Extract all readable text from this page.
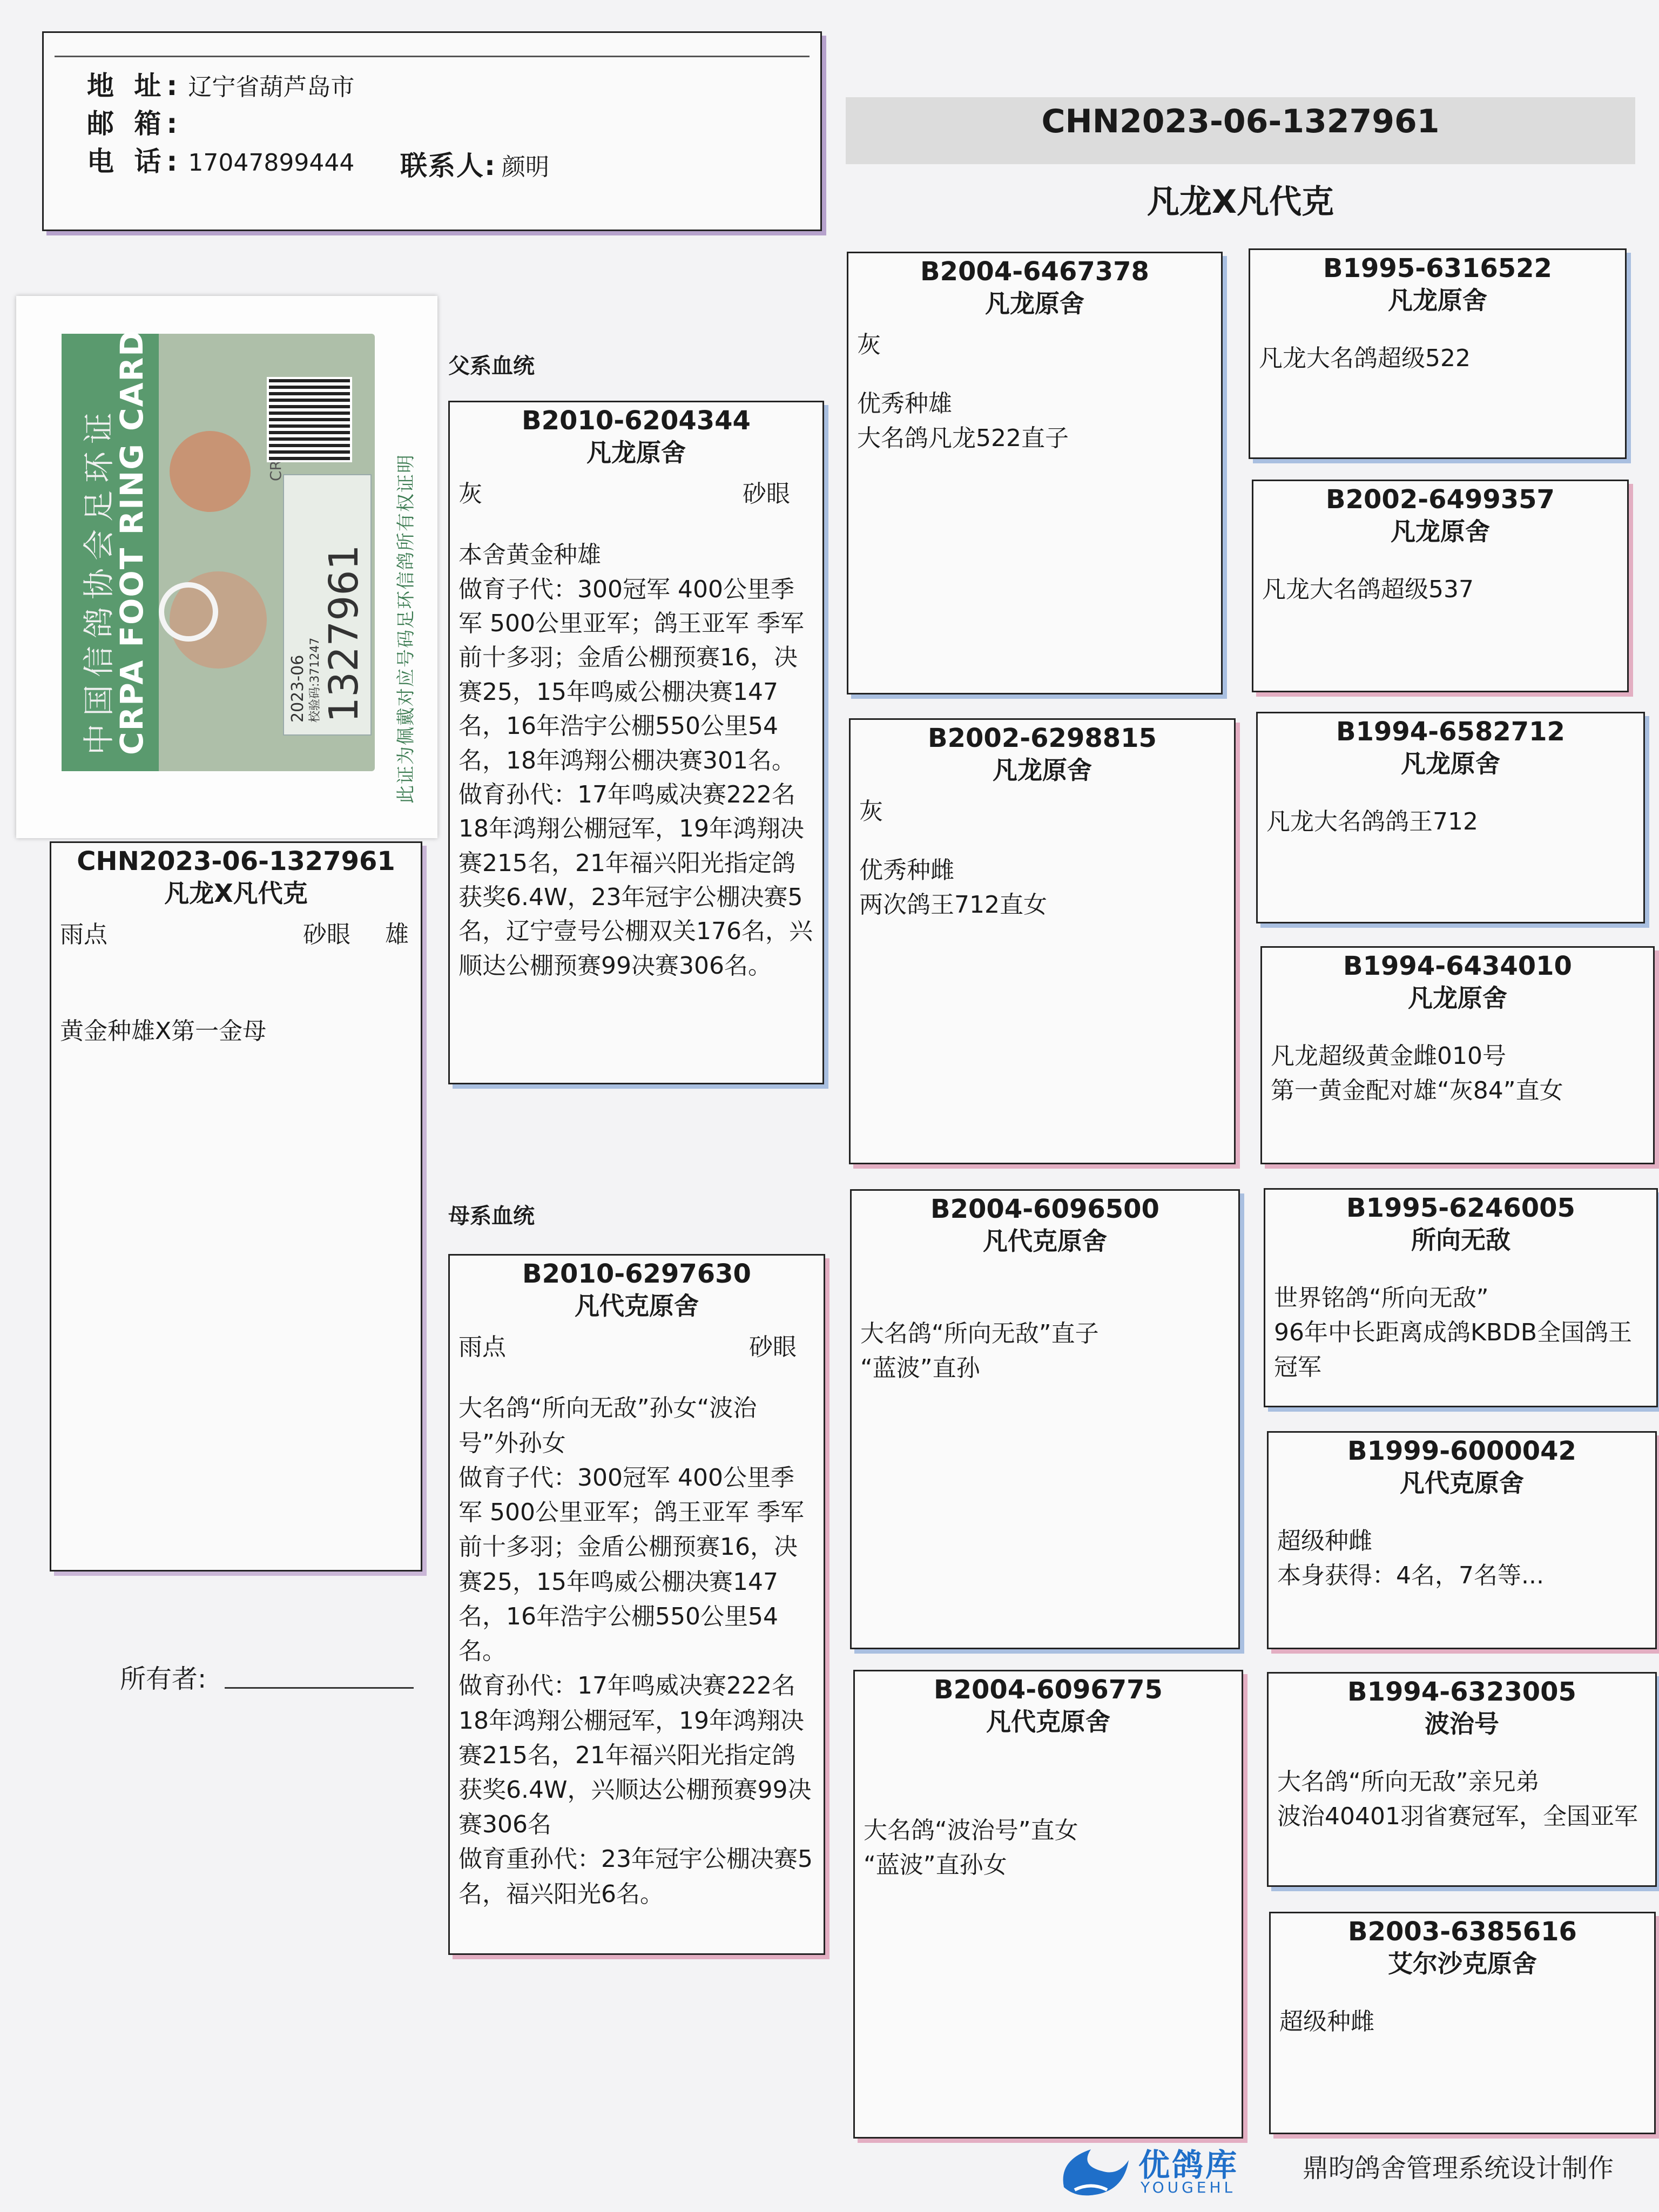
地 址: 辽宁省葫芦岛市
邮 箱:
电 话: 17047899444 联系人: 颜明
CHN2023-06-1327961
凡龙X凡代克
中国信鸽协会足环证
CRPA FOOT RING CARD	2023-06 校验码:371247
1327961 此证为佩戴对应号码足环信鸽所有权证明
CHN2023-06-1327961
凡龙X凡代克
雨点	砂眼 雄
黄金种雄X第一金母
所有者:
父系血统
母系血统
B2010-6204344
凡龙原舍
灰	砂眼
本舍黄金种雄
做育子代：300冠军 400公里季军 500公里亚军；鸽王亚军 季军前十多羽；金盾公棚预赛16，决赛25，15年鸣威公棚决赛147名，16年浩宇公棚550公里54名，18年鸿翔公棚决赛301名。
做育孙代：17年鸣威决赛222名 18年鸿翔公棚冠军，19年鸿翔决赛215名，21年福兴阳光指定鸽获奖6.4W，23年冠宇公棚决赛5名，辽宁壹号公棚双关176名，兴顺达公棚预赛99决赛306名。
B2010-6297630
凡代克原舍
雨点	砂眼
大名鸽“所向无敌”孙女“波治号”外孙女
做育子代：300冠军 400公里季军 500公里亚军；鸽王亚军 季军前十多羽；金盾公棚预赛16，决赛25，15年鸣威公棚决赛147名，16年浩宇公棚550公里54名。
做育孙代：17年鸣威决赛222名 18年鸿翔公棚冠军，19年鸿翔决赛215名，21年福兴阳光指定鸽获奖6.4W，兴顺达公棚预赛99决赛306名
做育重孙代：23年冠宇公棚决赛5名，福兴阳光6名。
B2004-6467378
凡龙原舍
灰
优秀种雄
大名鸽凡龙522直子
B2002-6298815
凡龙原舍
灰
优秀种雌
两次鸽王712直女
B2004-6096500
凡代克原舍
大名鸽“所向无敌”直子
“蓝波”直孙
B2004-6096775
凡代克原舍
大名鸽“波治号”直女
“蓝波”直孙女
B1995-6316522
凡龙原舍
凡龙大名鸽超级522
B2002-6499357
凡龙原舍
凡龙大名鸽超级537
B1994-6582712
凡龙原舍
凡龙大名鸽鸽王712
B1994-6434010
凡龙原舍
凡龙超级黄金雌010号
第一黄金配对雄“灰84”直女
B1995-6246005
所向无敌
世界铭鸽“所向无敌”
96年中长距离成鸽KBDB全国鸽王冠军
B1999-6000042
凡代克原舍
超级种雌
本身获得：4名，7名等...
B1994-6323005
波治号
大名鸽“所向无敌”亲兄弟
波治40401羽省赛冠军，全国亚军
B2003-6385616
艾尔沙克原舍
超级种雌
优鸽库
YOUGEHL
鼎昀鸽舍管理系统设计制作
